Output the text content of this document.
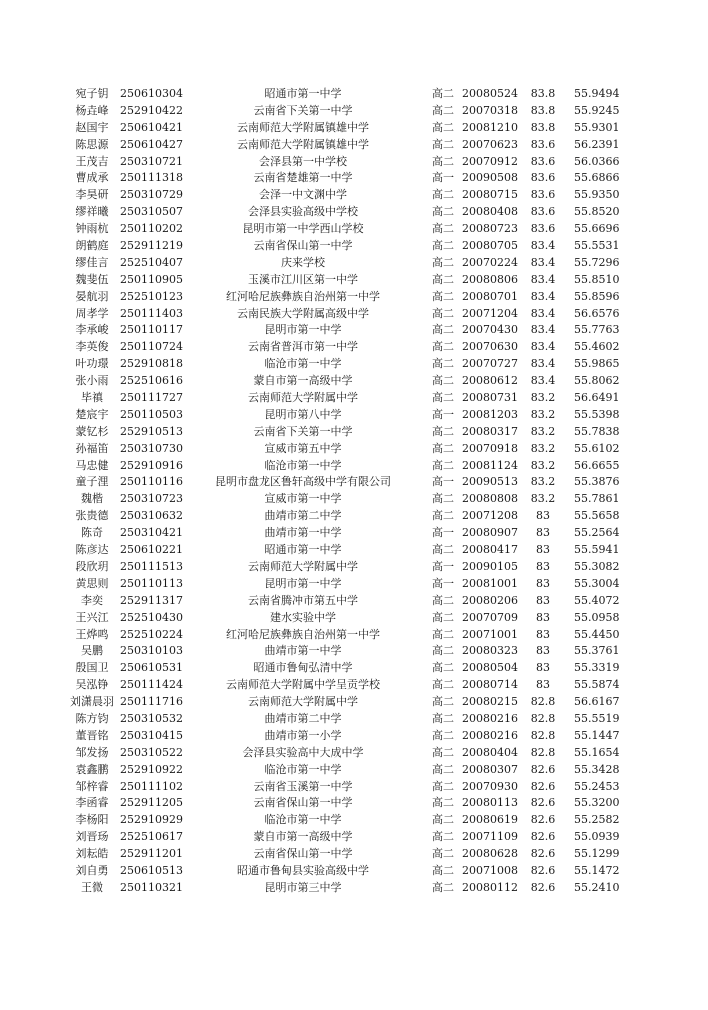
宛子钥	250610304	昭通市第一中学	高二 20080524	83.8	55.9494
杨垚峰	252910422	云南省下关第一中学	高二 20070318	83.8	55.9245
赵国宇	250610421	云南师范大学附属镇雄中学	高二 20081210	83.8	55.9301
陈思源	250610427	云南师范大学附属镇雄中学	高二 20070623	83.6	56.2391
王茂吉	250310721	会泽县第一中学校	高二 20070912	83.6	56.0366
曹成承	250111318	云南省楚雄第一中学	高一 20090508	83.6	55.6866
李昊研	250310729	会泽一中文渊中学	高二 20080715	83.6	55.9350
缪祥曦	250310507	会泽县实验高级中学校	高二 20080408	83.6	55.8520
钟雨杭	250110202	昆明市第一中学西山学校	高二 20080723	83.6	55.6696
朗鹤庭	252911219	云南省保山第一中学	高二 20080705	83.4	55.5531
缪佳言	252510407	庆来学校	高二 20070224	83.4	55.7296
魏斐伍	250110905	玉溪市江川区第一中学	高二 20080806	83.4	55.8510
晏航羽	252510123	红河哈尼族彝族自治州第一中学	高二 20080701	83.4	55.8596
周孝学	250111403	云南民族大学附属高级中学	高二 20071204	83.4	56.6576
李承峻	250110117	昆明市第一中学	高二 20070430	83.4	55.7763
李英俊	250110724	云南省普洱市第一中学	高二 20070630	83.4	55.4602
叶功璟	252910818	临沧市第一中学	高二 20070727	83.4	55.9865
张小雨	252510616	蒙自市第一高级中学	高二 20080612	83.4	55.8062
毕禛	250111727	云南师范大学附属中学	高二 20080731	83.2	56.6491
楚宸宇	250110503	昆明市第八中学	高一 20081203	83.2	55.5398
蒙钇杉	252910513	云南省下关第一中学	高二 20080317	83.2	55.7838
孙福笛	250310730	宣威市第五中学	高二 20070918	83.2	55.6102
马忠健	252910916	临沧市第一中学	高二 20081124	83.2	56.6655
童子浬	250110116	昆明市盘龙区鲁轩高级中学有限公司	高一 20090513	83.2	55.3876
魏楷	250310723	宣威市第一中学	高二 20080808	83.2	55.7861
张贵德	250310632	曲靖市第二中学	高二 20071208	83	55.5658
陈奇	250310421	曲靖市第一中学	高一 20080907	83	55.2564
陈彦达	250610221	昭通市第一中学	高二 20080417	83	55.5941
段欣玥	250111513	云南师范大学附属中学	高一 20090105	83	55.3082
黄思则	250110113	昆明市第一中学	高一 20081001	83	55.3004
李奕	252911317	云南省腾冲市第五中学	高二 20080206	83	55.4072
王兴江	252510430	建水实验中学	高二 20070709	83	55.0958
王烨鸣	252510224	红河哈尼族彝族自治州第一中学	高二 20071001	83	55.4450
吴鹏	250310103	曲靖市第一中学	高二 20080323	83	55.3761
殷国卫	250610531	昭通市鲁甸弘清中学	高二 20080504	83	55.3319
吴泓铮	250111424	云南师范大学附属中学呈贡学校	高二 20080714	83	55.5874
刘潇晨羽 250111716	云南师范大学附属中学	高二 20080215	82.8	56.6167
陈方钧	250310532	曲靖市第二中学	高二 20080216	82.8	55.5519
董晋铭	250310415	曲靖市第一小学	高二 20080216	82.8	55.1447
邹发扬	250310522	会泽县实验高中大成中学	高二 20080404	82.8	55.1654
袁鑫鹏	252910922	临沧市第一中学	高二 20080307	82.6	55.3428
邹梓睿	250111102	云南省玉溪第一中学	高二 20070930	82.6	55.2453
李函睿	252911205	云南省保山第一中学	高二 20080113	82.6	55.3200
李杨阳	252910929	临沧市第一中学	高二 20080619	82.6	55.2582
刘晋玚	252510617	蒙自市第一高级中学	高二 20071109	82.6	55.0939
刘耘皓	252911201	云南省保山第一中学	高二 20080628	82.6	55.1299
刘自勇	250610513	昭通市鲁甸县实验高级中学	高二 20071008	82.6	55.1472
王微	250110321	昆明市第三中学	高二 20080112	82.6	55.2410
